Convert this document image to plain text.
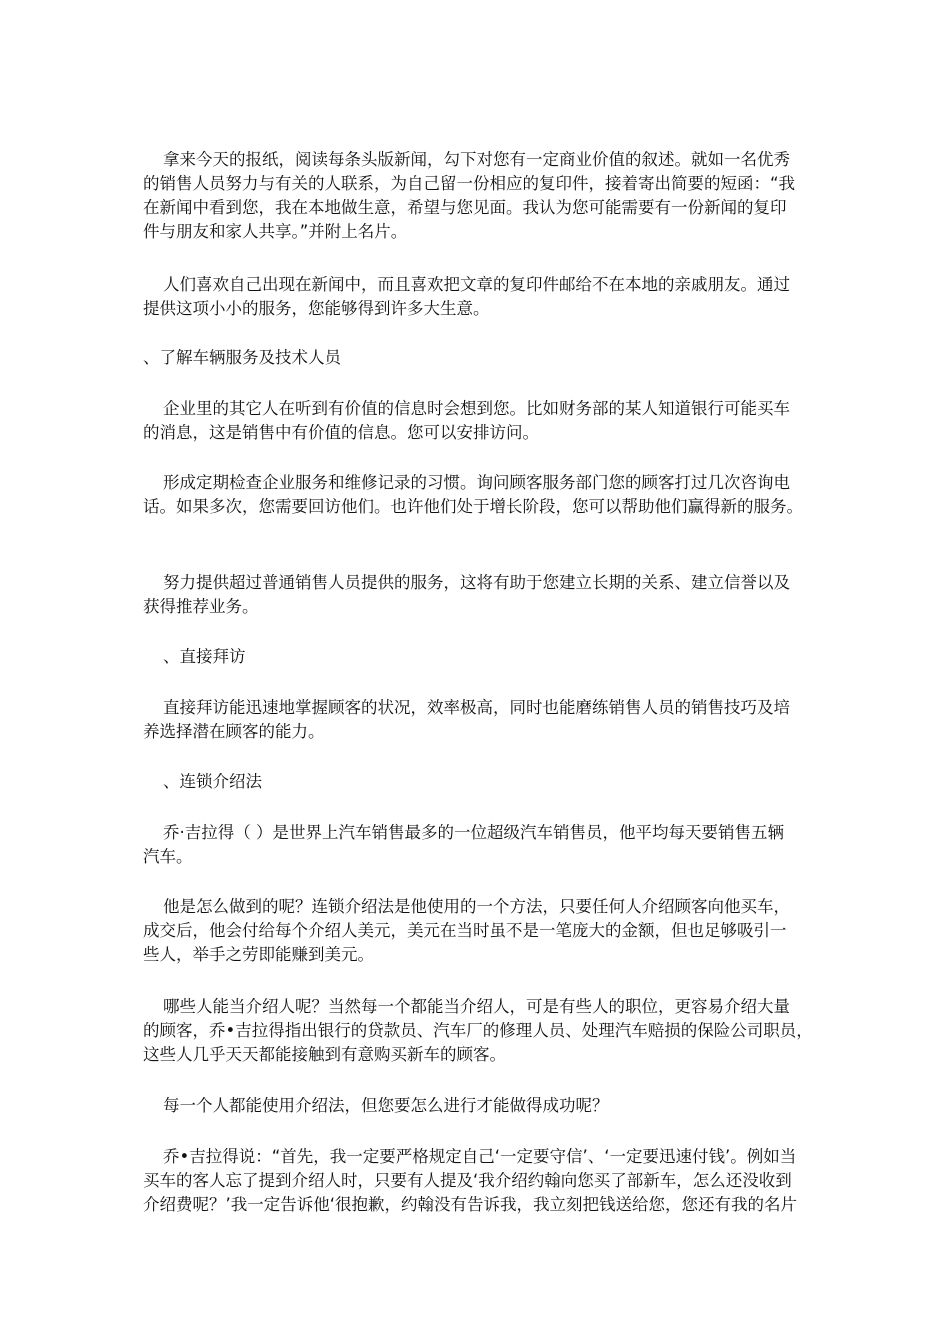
拿来今天的报纸，阅读每条头版新闻，勾下对您有一定商业价值的叙述。就如一名优秀
的销售人员努力与有关的人联系，为自己留一份相应的复印件，接着寄出简要的短函：“我
在新闻中看到您，我在本地做生意，希望与您见面。我认为您可能需要有一份新闻的复印
件与朋友和家人共享。”并附上名片。
人们喜欢自己出现在新闻中，而且喜欢把文章的复印件邮给不在本地的亲戚朋友。通过
提供这项小小的服务，您能够得到许多大生意。
、了解车辆服务及技术人员
企业里的其它人在听到有价值的信息时会想到您。比如财务部的某人知道银行可能买车
的消息，这是销售中有价值的信息。您可以安排访问。
形成定期检查企业服务和维修记录的习惯。询问顾客服务部门您的顾客打过几次咨询电
话。如果多次，您需要回访他们。也许他们处于增长阶段，您可以帮助他们赢得新的服务。
努力提供超过普通销售人员提供的服务，这将有助于您建立长期的关系、建立信誉以及
获得推荐业务。
、直接拜访
直接拜访能迅速地掌握顾客的状况，效率极高，同时也能磨练销售人员的销售技巧及培
养选择潜在顾客的能力。
、连锁介绍法
乔·吉拉得（ ）是世界上汽车销售最多的一位超级汽车销售员，他平均每天要销售五辆
汽车。
他是怎么做到的呢？连锁介绍法是他使用的一个方法，只要任何人介绍顾客向他买车，
成交后，他会付给每个介绍人美元，美元在当时虽不是一笔庞大的金额，但也足够吸引一
些人，举手之劳即能赚到美元。
哪些人能当介绍人呢？当然每一个都能当介绍人，可是有些人的职位，更容易介绍大量
的顾客，乔•吉拉得指出银行的贷款员、汽车厂的修理人员、处理汽车赔损的保险公司职员，
这些人几乎天天都能接触到有意购买新车的顾客。
每一个人都能使用介绍法，但您要怎么进行才能做得成功呢？
乔•吉拉得说：“首先，我一定要严格规定自己‘一定要守信’、‘一定要迅速付钱’。例如当
买车的客人忘了提到介绍人时，只要有人提及‘我介绍约翰向您买了部新车，怎么还没收到
介绍费呢？’我一定告诉他‘很抱歉，约翰没有告诉我，我立刻把钱送给您，您还有我的名片
